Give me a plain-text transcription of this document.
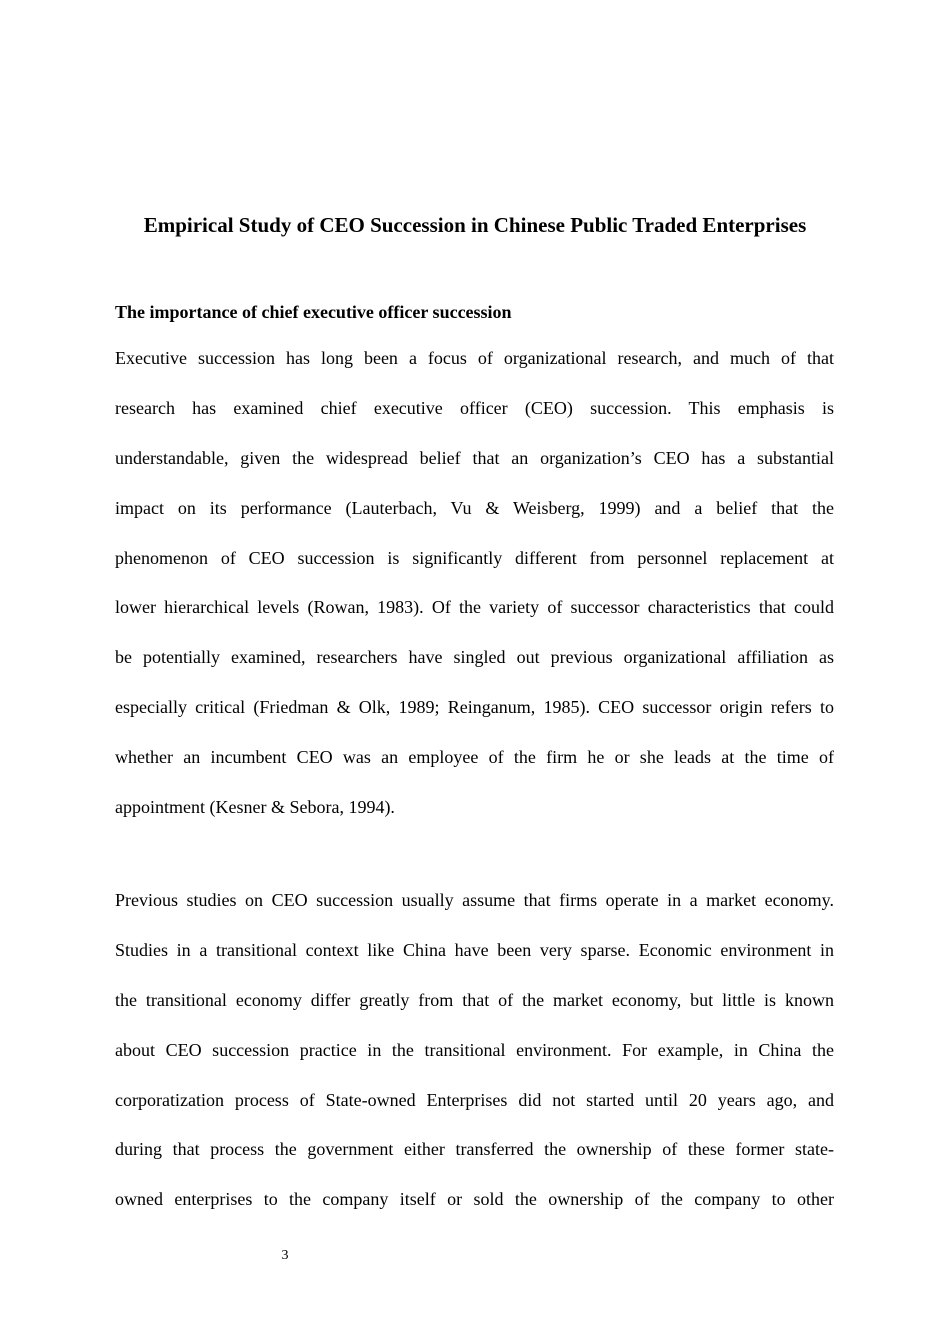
Empirical Study of CEO Succession in Chinese Public Traded Enterprises
The importance of chief executive officer succession
Executive succession has long been a focus of organizational research, and much of that
research has examined chief executive officer (CEO) succession. This emphasis is
understandable, given the widespread belief that an organization’s CEO has a substantial
impact on its performance (Lauterbach, Vu & Weisberg, 1999) and a belief that the
phenomenon of CEO succession is significantly different from personnel replacement at
lower hierarchical levels (Rowan, 1983). Of the variety of successor characteristics that could
be potentially examined, researchers have singled out previous organizational affiliation as
especially critical (Friedman & Olk, 1989; Reinganum, 1985). CEO successor origin refers to
whether an incumbent CEO was an employee of the firm he or she leads at the time of
appointment (Kesner & Sebora, 1994).
Previous studies on CEO succession usually assume that firms operate in a market economy.
Studies in a transitional context like China have been very sparse. Economic environment in
the transitional economy differ greatly from that of the market economy, but little is known
about CEO succession practice in the transitional environment. For example, in China the
corporatization process of State-owned Enterprises did not started until 20 years ago, and
during that process the government either transferred the ownership of these former state-
owned enterprises to the company itself or sold the ownership of the company to other
3
